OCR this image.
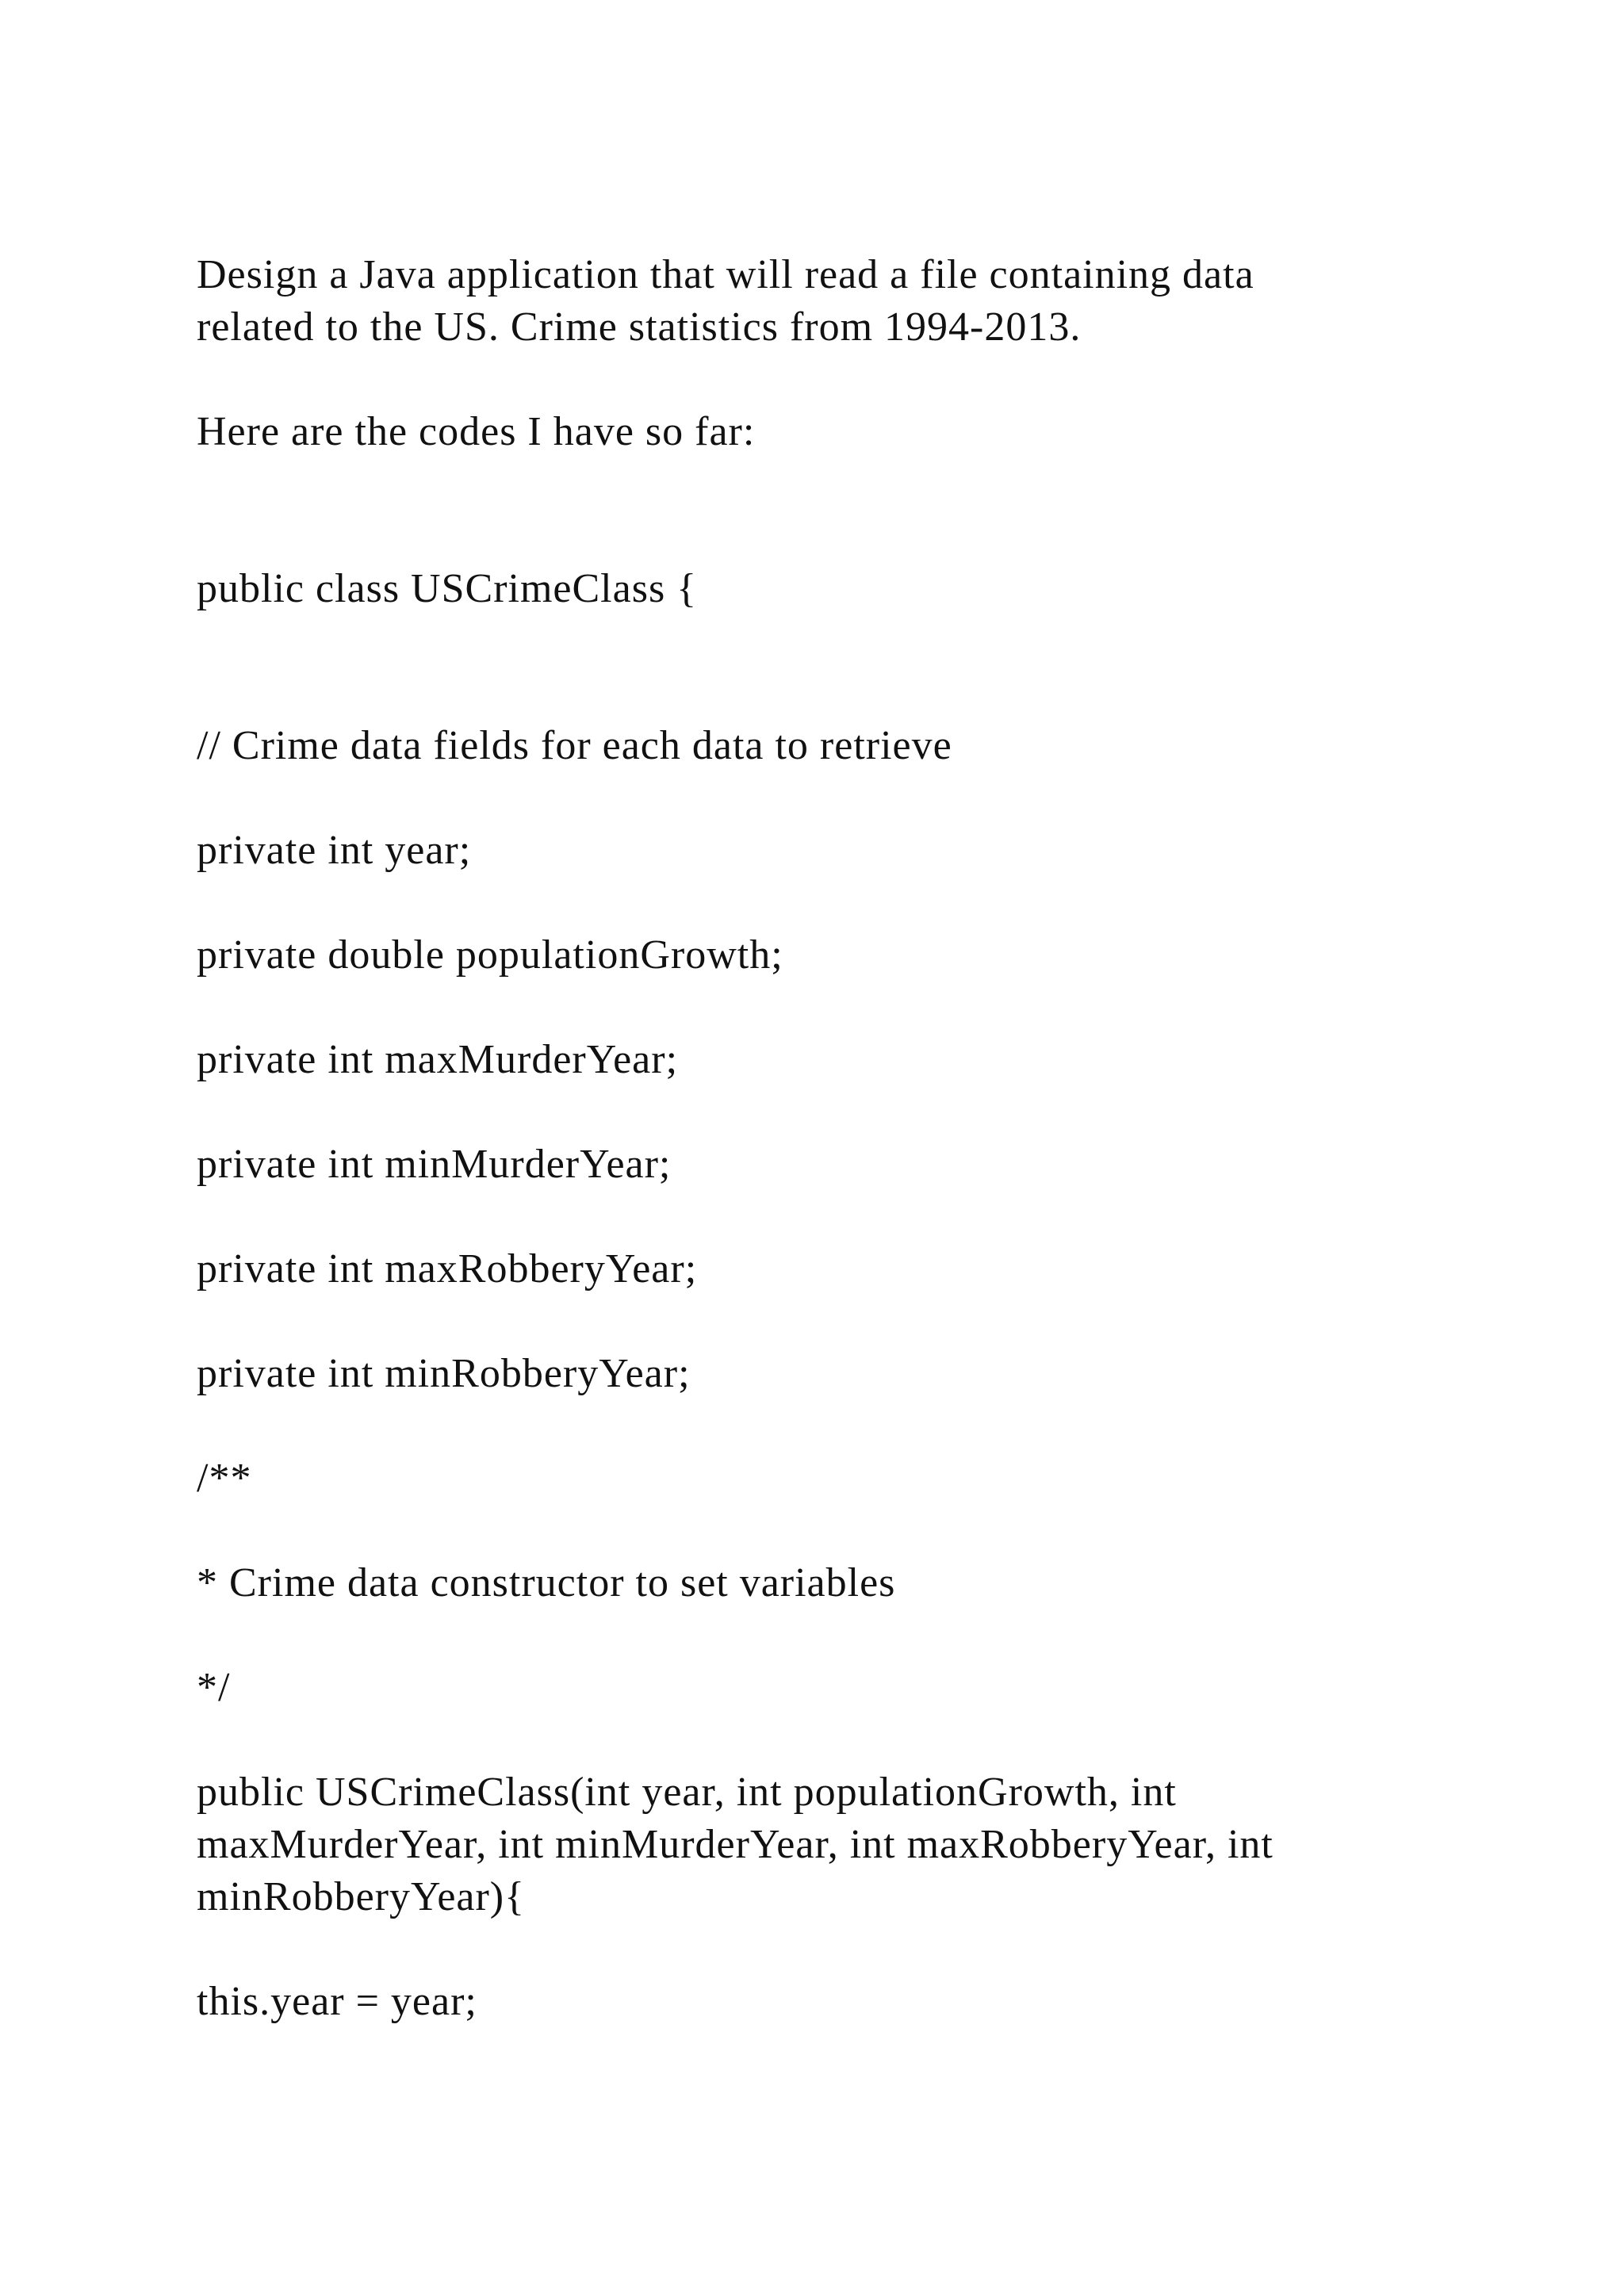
Design a Java application that will read a file containing data
related to the US. Crime statistics from 1994-2013.
Here are the codes I have so far:
public class USCrimeClass {
// Crime data fields for each data to retrieve
private int year;
private double populationGrowth;
private int maxMurderYear;
private int minMurderYear;
private int maxRobberyYear;
private int minRobberyYear;
/**
* Crime data constructor to set variables
*/
public USCrimeClass(int year, int populationGrowth, int
maxMurderYear, int minMurderYear, int maxRobberyYear, int
minRobberyYear){
this.year = year;
